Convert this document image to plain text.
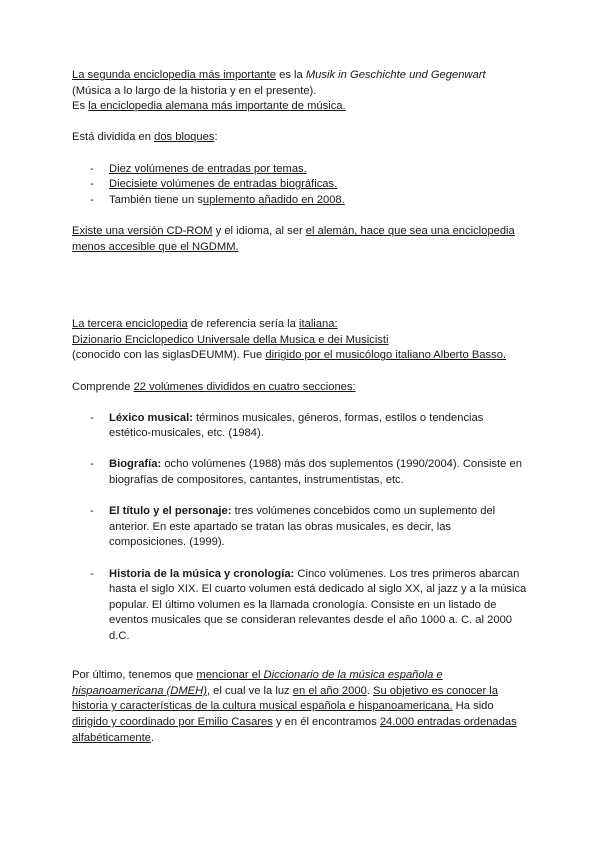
La segunda enciclopedia más importante es la Musik in Geschichte und Gegenwart

(Música a lo largo de la historia y en el presente).

Es la enciclopedia alemana más importante de música.

Está dividida en dos bloques:

- Diez volúmenes de entradas por temas.
- Diecisiete volúmenes de entradas biográficas.
- También tiene un suplemento añadido en 2008.

Existe una versión CD-ROM y el idioma, al ser el alemán, hace que sea una enciclopedia menos accesible que el NGDMM.

La tercera enciclopedia de referencia sería la italiana:

Dizionario Enciclopedico Universale della Musica e dei Musicisti

(conocido con las siglasDEUMM). Fue dirigido por el musicólogo italiano Alberto Basso.

Comprende 22 volúmenes divididos en cuatro secciones:

- Léxico musical: términos musicales, géneros, formas, estilos o tendencias estético-musicales, etc. (1984).
- Biografía: ocho volúmenes (1988) más dos suplementos (1990/2004). Consiste en biografías de compositores, cantantes, instrumentistas, etc.
- El título y el personaje: tres volúmenes concebidos como un suplemento del anterior. En este apartado se tratan las obras musicales, es decir, las composiciones. (1999).
- Historia de la música y cronología: Cinco volúmenes. Los tres primeros abarcan hasta el siglo XIX. El cuarto volumen está dedicado al siglo XX, al jazz y a la música popular. El último volumen es la llamada cronología. Consiste en un listado de eventos musicales que se consideran relevantes desde el año 1000 a. C. al 2000 d.C.

Por último, tenemos que mencionar el Diccionario de la música española e hispanoamericana (DMEH), el cual ve la luz en el año 2000. Su objetivo es conocer la historia y características de la cultura musical española e hispanoamericana. Ha sido dirigido y coordinado por Emilio Casares y en él encontramos 24.000 entradas ordenadas alfabéticamente.
